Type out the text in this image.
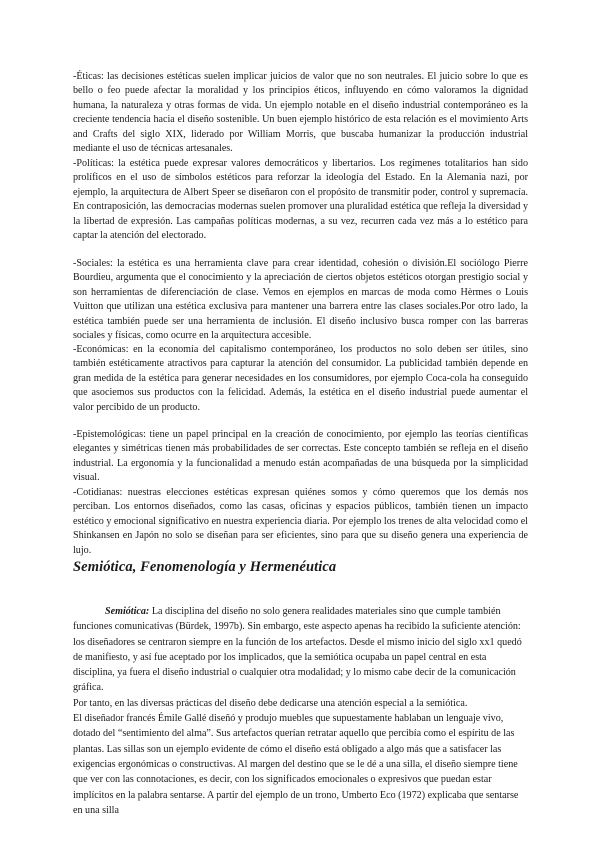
-Éticas: las decisiones estéticas suelen implicar juicios de valor que no son neutrales. El juicio sobre lo que es bello o feo puede afectar la moralidad y los principios éticos, influyendo en cómo valoramos la dignidad humana, la naturaleza y otras formas de vida. Un ejemplo notable en el diseño industrial contemporáneo es la creciente tendencia hacia el diseño sostenible. Un buen ejemplo histórico de esta relación es el movimiento Arts and Crafts del siglo XIX, liderado por William Morris, que buscaba humanizar la producción industrial mediante el uso de técnicas artesanales.

-Políticas: la estética puede expresar valores democráticos y libertarios. Los regímenes totalitarios han sido prolíficos en el uso de símbolos estéticos para reforzar la ideología del Estado. En la Alemania nazi, por ejemplo, la arquitectura de Albert Speer se diseñaron con el propósito de transmitir poder, control y supremacía. En contraposición, las democracias modernas suelen promover una pluralidad estética que refleja la diversidad y la libertad de expresión. Las campañas políticas modernas, a su vez, recurren cada vez más a lo estético para captar la atención del electorado.

-Sociales: la estética es una herramienta clave para crear identidad, cohesión o división.El sociólogo Pierre Bourdieu, argumenta que el conocimiento y la apreciación de ciertos objetos estéticos otorgan prestigio social y son herramientas de diferenciación de clase. Vemos en ejemplos en marcas de moda como Hèrmes o Louis Vuitton que utilizan una estética exclusiva para mantener una barrera entre las clases sociales.Por otro lado, la estética también puede ser una herramienta de inclusión. El diseño inclusivo busca romper con las barreras sociales y físicas, como ocurre en la arquitectura accesible.

-Económicas: en la economía del capitalismo contemporáneo, los productos no solo deben ser útiles, sino también estéticamente atractivos para capturar la atención del consumidor. La publicidad también depende en gran medida de la estética para generar necesidades en los consumidores, por ejemplo Coca-cola ha conseguido que asociemos sus productos con la felicidad. Además, la estética en el diseño industrial puede aumentar el valor percibido de un producto.

-Epistemológicas: tiene un papel principal en la creación de conocimiento, por ejemplo las teorías científicas elegantes y simétricas tienen más probabilidades de ser correctas. Este concepto también se refleja en el diseño industrial. La ergonomía y la funcionalidad a menudo están acompañadas de una búsqueda por la simplicidad visual.

-Cotidianas: nuestras elecciones estéticas expresan quiénes somos y cómo queremos que los demás nos perciban. Los entornos diseñados, como las casas, oficinas y espacios públicos, también tienen un impacto estético y emocional significativo en nuestra experiencia diaria. Por ejemplo los trenes de alta velocidad como el Shinkansen en Japón no solo se diseñan para ser eficientes, sino para que su diseño genera una experiencia de lujo.

Semiótica, Fenomenología y Hermenéutica
Semiótica: La disciplina del diseño no solo genera realidades materiales sino que cumple también funciones comunicativas (Bürdek, 1997b). Sin embargo, este aspecto apenas ha recibido la suficiente atención: los diseñadores se centraron siempre en la función de los artefactos. Desde el mismo inicio del siglo xx1 quedó de manifiesto, y así fue aceptado por los implicados, que la semiótica ocupaba un papel central en esta disciplina, ya fuera el diseño industrial o cualquier otra modalidad; y lo mismo cabe decir de la comunicación gráfica.
Por tanto, en las diversas prácticas del diseño debe dedicarse una atención especial a la semiótica.
El diseñador francés Émile Gallé diseñó y produjo muebles que supuestamente hablaban un lenguaje vivo, dotado del “sentimiento del alma”. Sus artefactos querían retratar aquello que percibía como el espíritu de las plantas. Las sillas son un ejemplo evidente de cómo el diseño está obligado a algo más que a satisfacer las exigencias ergonómicas o constructivas. Al margen del destino que se le dé a una silla, el diseño siempre tiene que ver con las connotaciones, es decir, con los significados emocionales o expresivos que puedan estar implícitos en la palabra sentarse. A partir del ejemplo de un trono, Umberto Eco (1972) explicaba que sentarse en una silla
